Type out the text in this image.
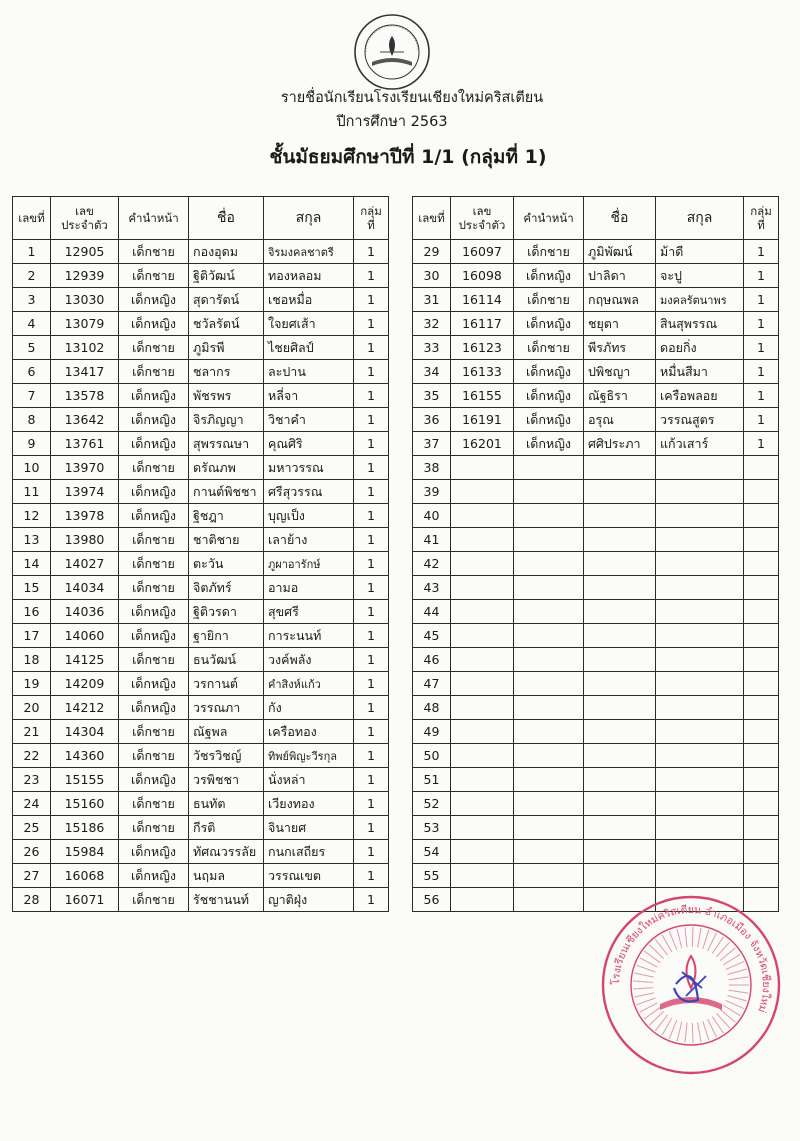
รายชื่อนักเรียนโรงเรียนเชียงใหม่คริสเตียน
ปีการศึกษา 2563
ชั้นมัธยมศึกษาปีที่ 1/1 (กลุ่มที่ 1)
เลขที่	เลข
ประจำตัว	คำนำหน้า	ชื่อ	สกุล	กลุ่ม
ที่
1	12905	เด็กชาย	กองอุดม	จิรมงคลชาตรี	1
2	12939	เด็กชาย	ฐิติวัฒน์	ทองหลอม	1
3	13030	เด็กหญิง	สุดารัตน์	เชอหมื่อ	1
4	13079	เด็กหญิง	ชวัลรัตน์	ใจยศเส้า	1
5	13102	เด็กชาย	ภูมิรพี	ไชยศิลป์	1
6	13417	เด็กชาย	ชลากร	ละปาน	1
7	13578	เด็กหญิง	พัชรพร	หลี่จา	1
8	13642	เด็กหญิง	จิรภิญญา	วิชาคำ	1
9	13761	เด็กหญิง	สุพรรณษา	คุณศิริ	1
10	13970	เด็กชาย	ดรัณภพ	มหาวรรณ	1
11	13974	เด็กหญิง	กานต์พิชชา	ศรีสุวรรณ	1
12	13978	เด็กหญิง	ฐิชฎา	บุญเป็ง	1
13	13980	เด็กชาย	ชาติชาย	เลาย้าง	1
14	14027	เด็กชาย	ตะวัน	ภูผาอารักษ์	1
15	14034	เด็กชาย	จิตภัทร์	อามอ	1
16	14036	เด็กหญิง	ฐิติวรดา	สุขศรี	1
17	14060	เด็กหญิง	ฐายิกา	การะนนท์	1
18	14125	เด็กชาย	ธนวัฒน์	วงค์พลัง	1
19	14209	เด็กหญิง	วรกานต์	คำสิงห์แก้ว	1
20	14212	เด็กหญิง	วรรณภา	กัง	1
21	14304	เด็กชาย	ณัฐพล	เครือทอง	1
22	14360	เด็กชาย	วัชรวิชญ์	ทิพย์พิญะวีรกุล	1
23	15155	เด็กหญิง	วรพิชชา	นั่งหล่า	1
24	15160	เด็กชาย	ธนทัต	เวียงทอง	1
25	15186	เด็กชาย	กีรติ	จินายศ	1
26	15984	เด็กหญิง	ทัศณวรรลัย	กนกเสถียร	1
27	16068	เด็กหญิง	นฤมล	วรรณเขต	1
28	16071	เด็กชาย	รัชชานนท์	ญาติฝุ่ง	1
เลขที่	เลข
ประจำตัว	คำนำหน้า	ชื่อ	สกุล	กลุ่ม
ที่
29	16097	เด็กชาย	ภูมิพัฒน์	ม้าดี	1
30	16098	เด็กหญิง	ปาลิดา	จะปู	1
31	16114	เด็กชาย	กฤษณพล	มงคลรัตนาพร	1
32	16117	เด็กหญิง	ชยุตา	สินสุพรรณ	1
33	16123	เด็กชาย	พีรภัทร	ดอยกิ่ง	1
34	16133	เด็กหญิง	ปพิชญา	หมื่นสีมา	1
35	16155	เด็กหญิง	ณัฐธิรา	เครือพลอย	1
36	16191	เด็กหญิง	อรุณ	วรรณสูตร	1
37	16201	เด็กหญิง	ศศิประภา	แก้วเสาร์	1
38					
39					
40					
41					
42					
43					
44					
45					
46					
47					
48					
49					
50					
51					
52					
53					
54					
55					
56					
โรงเรียนเชียงใหม่คริสเตียน อำเภอเมือง จังหวัดเชียงใหม่
